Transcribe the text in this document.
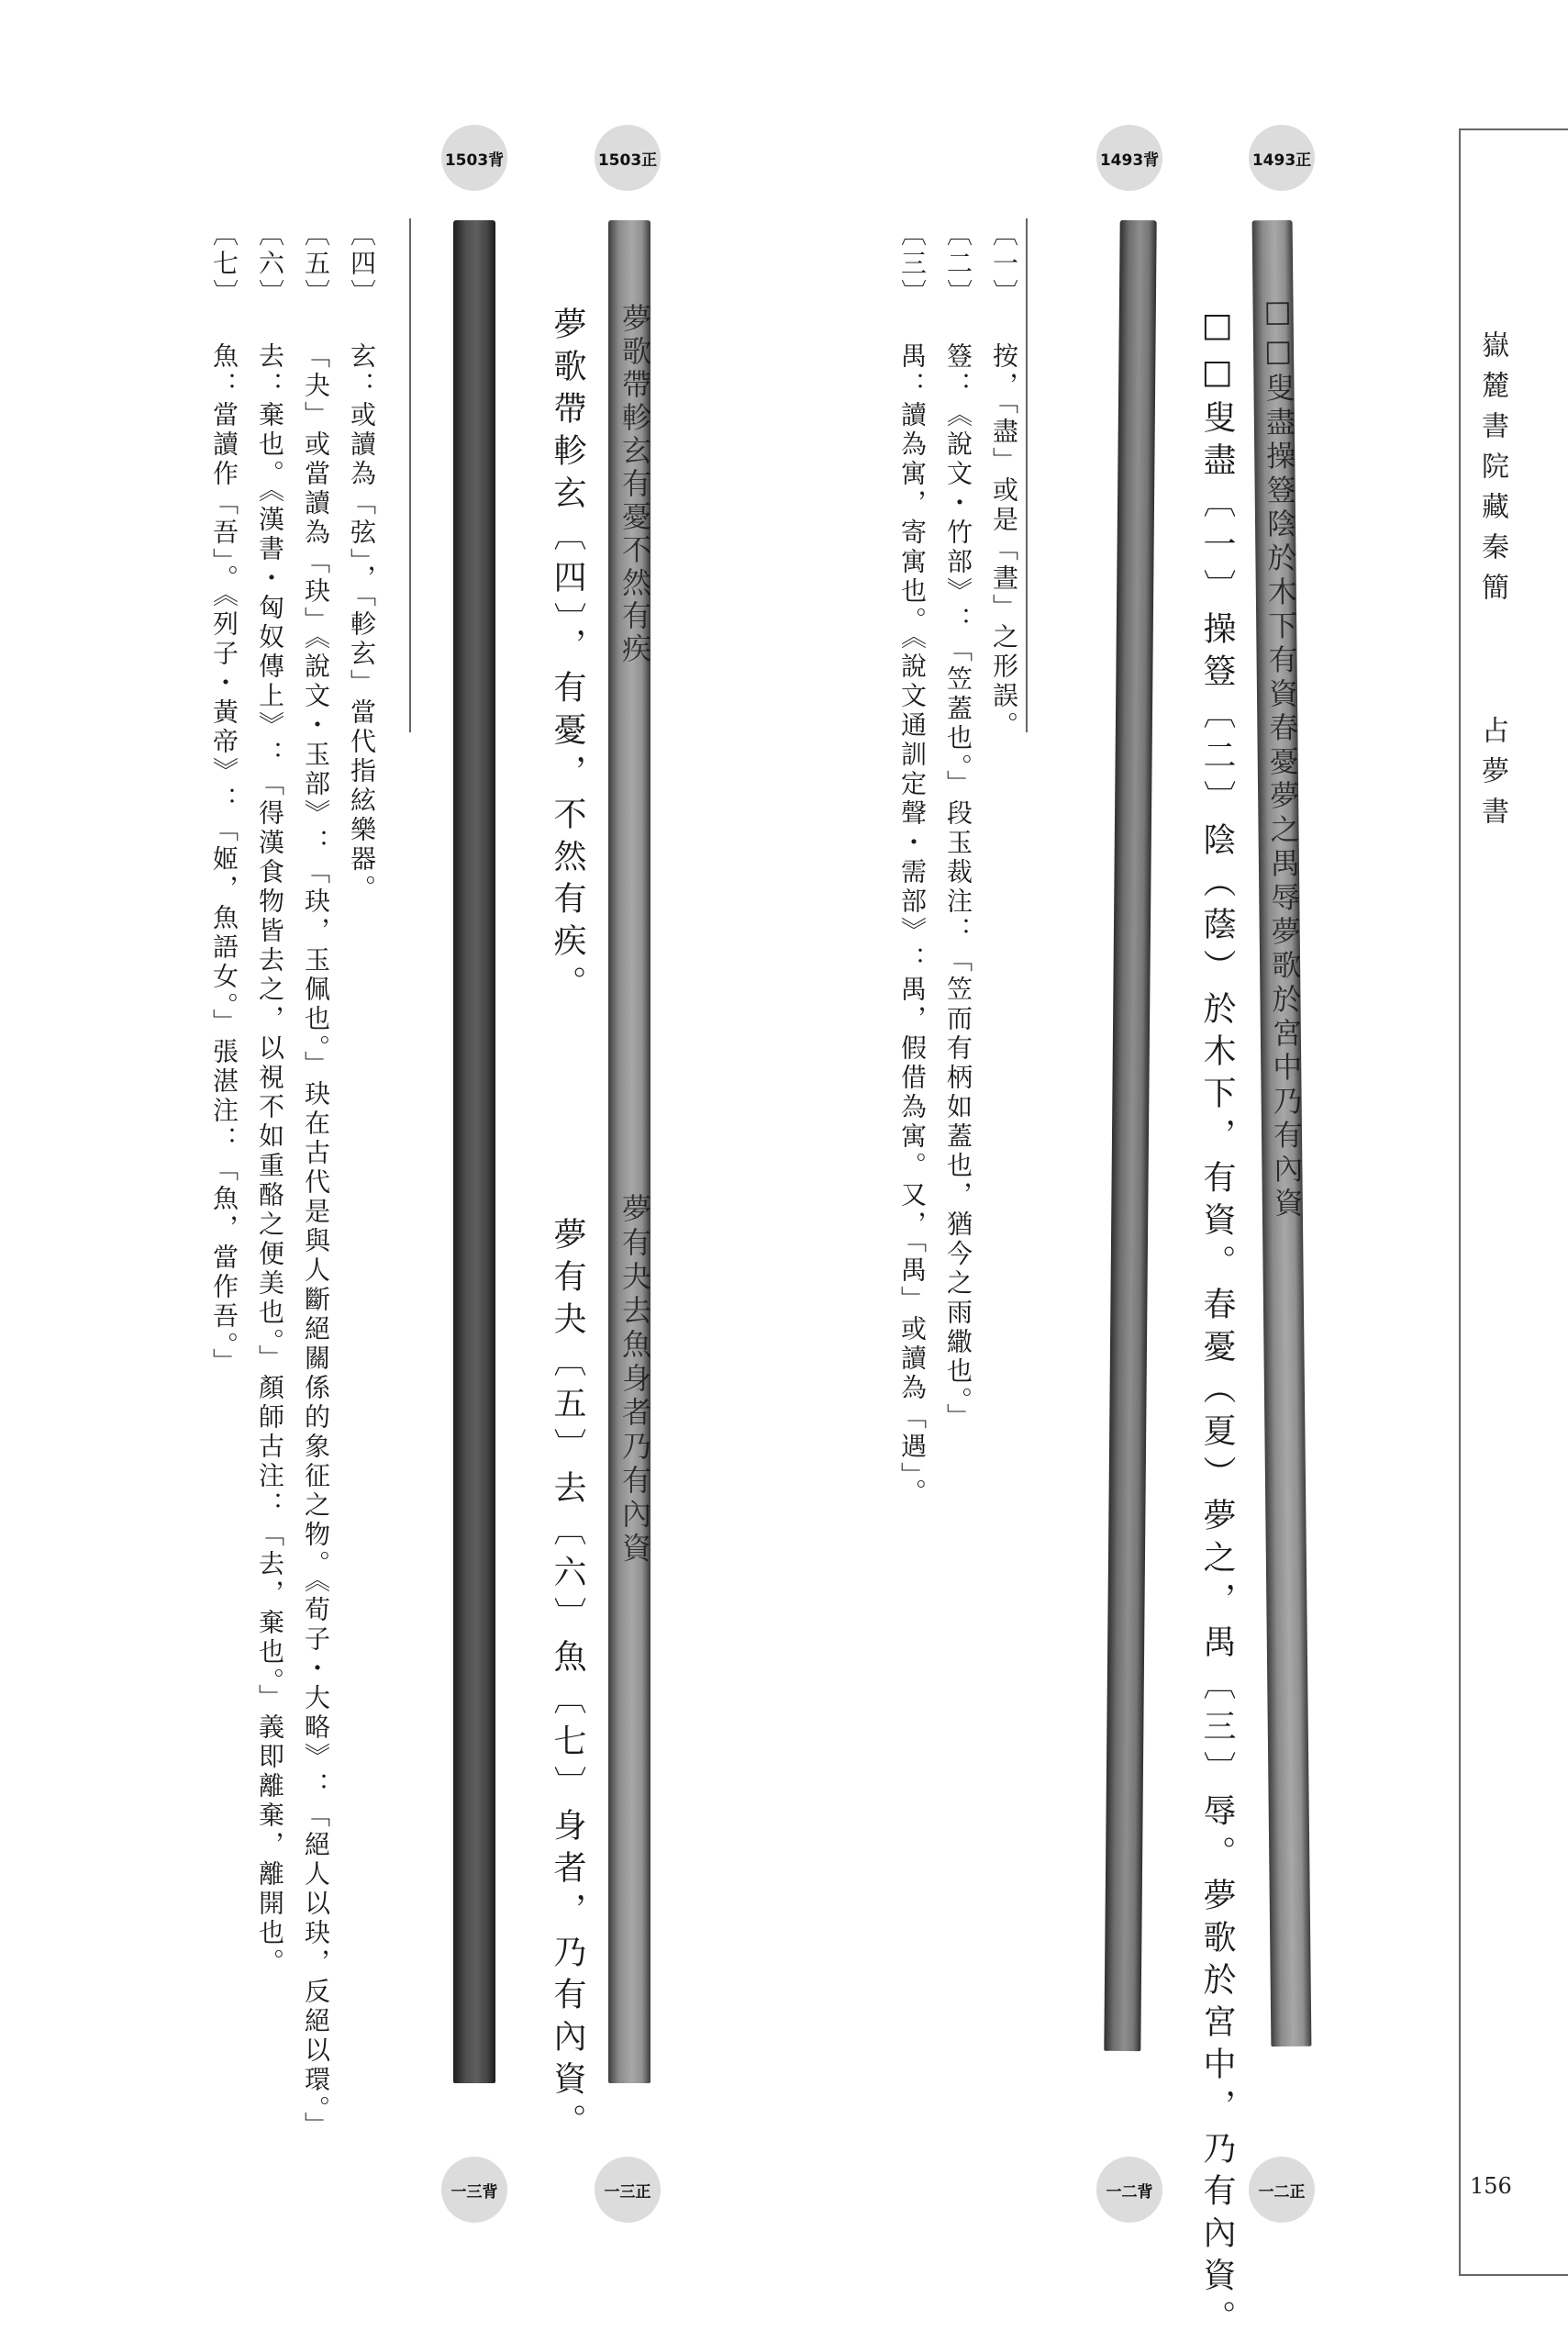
嶽麓書院藏秦簡
占夢書
156
1503背	1503正	1493背	1493正
一三背	一三正	一二背	一二正
□□叟盡操簦陰於木下有資春憂夢之禺辱夢歌於宮中乃有內資
夢歌帶軫玄有憂不然有疾
夢有夬去魚身者乃有內資	□□叟盡〔一〕操簦〔二〕陰（蔭）於木下，有資。春憂（夏）夢之，禺〔三〕辱。夢歌於宮中，乃有內資。
夢歌帶軫玄〔四〕，有憂，不然有疾。
夢有夬〔五〕去〔六〕魚〔七〕身者，乃有內資。
〔一〕 按，「盡」或是「晝」之形誤。
〔二〕 簦：《說文・竹部》：「笠蓋也。」段玉裁注：「笠而有柄如蓋也，猶今之雨繖也。」
〔三〕 禺：讀為寓，寄寓也。《說文通訓定聲・需部》：禺，假借為寓。又，「禺」或讀為「遇」。
〔四〕 玄：或讀為「弦」，「軫玄」當代指絃樂器。
〔五〕 「夬」或當讀為「玦」《說文・玉部》：「玦，玉佩也。」玦在古代是與人斷絕關係的象征之物。《荀子・大略》：「絕人以玦，反絕以環。」
〔六〕 去：棄也。《漢書・匈奴傳上》：「得漢食物皆去之，以視不如重酪之便美也。」顏師古注：「去，棄也。」義即離棄，離開也。
〔七〕 魚：當讀作「吾」。《列子・黃帝》：「姬，魚語女。」張湛注：「魚，當作吾。」
